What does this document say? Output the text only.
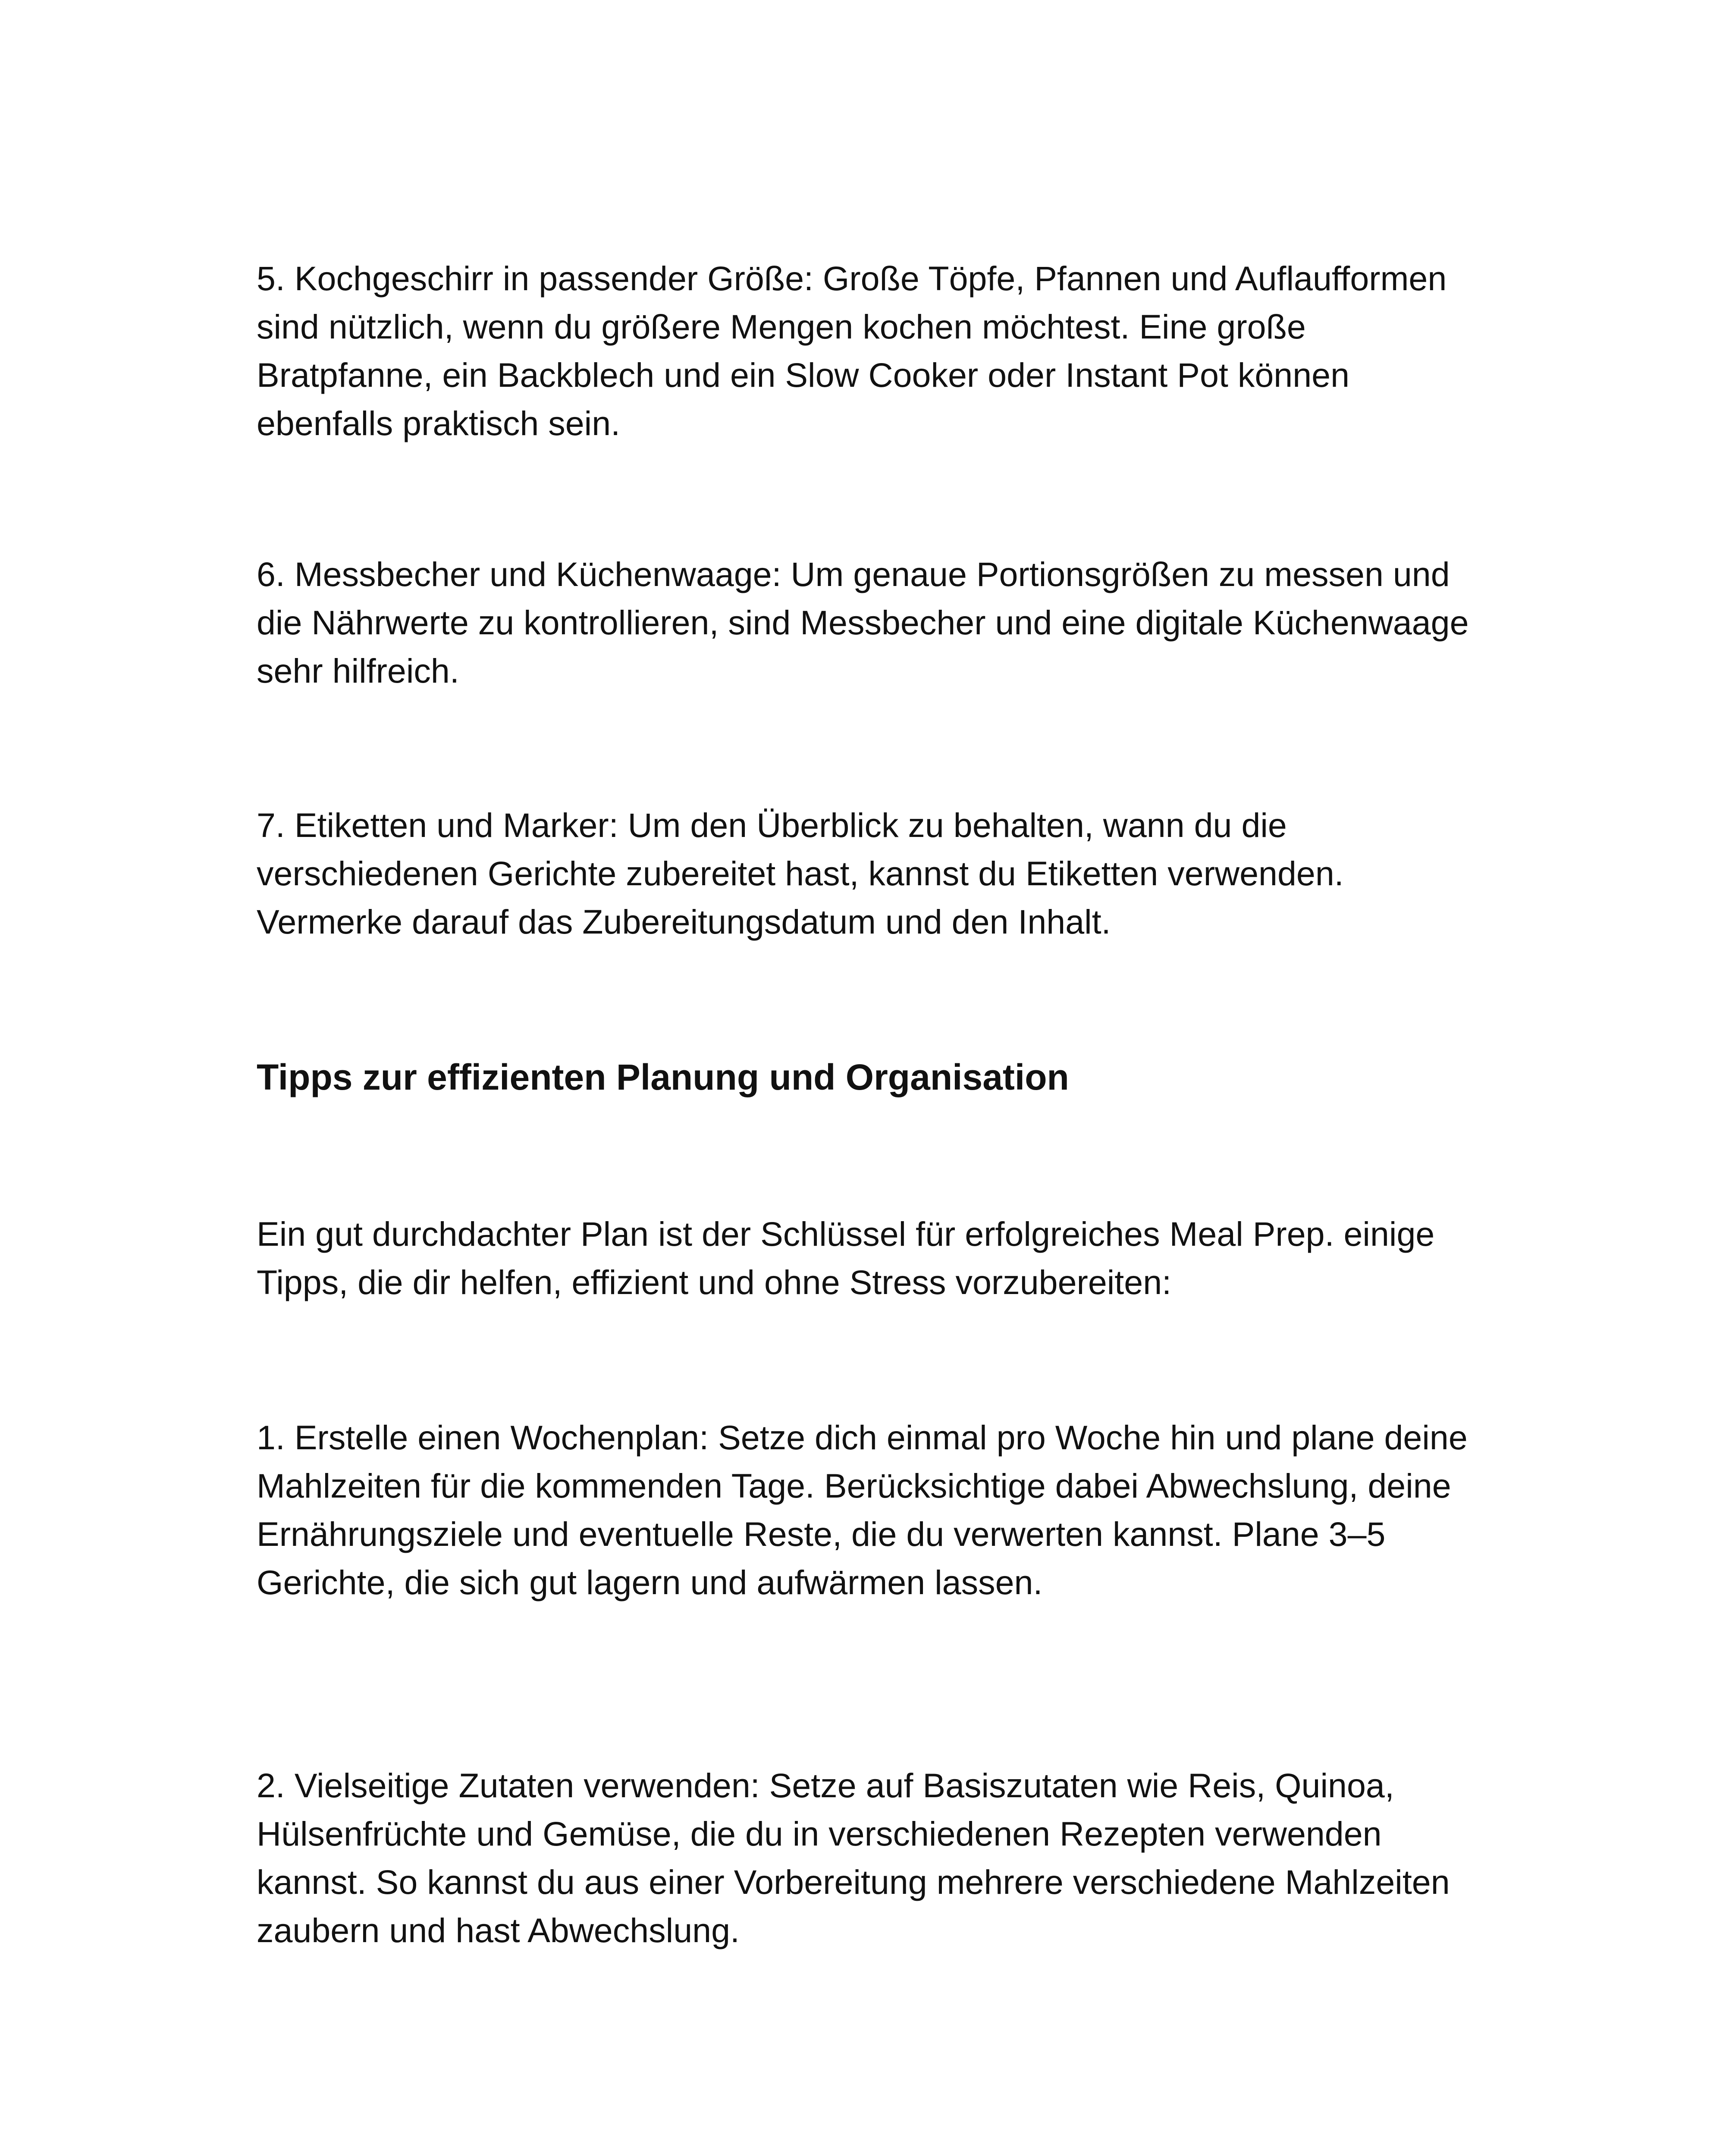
5. Kochgeschirr in passender Größe: Große Töpfe, Pfannen und Auflaufformen sind nützlich, wenn du größere Mengen kochen möchtest. Eine große Bratpfanne, ein Backblech und ein Slow Cooker oder Instant Pot können ebenfalls praktisch sein.

6. Messbecher und Küchenwaage: Um genaue Portionsgrößen zu messen und die Nährwerte zu kontrollieren, sind Messbecher und eine digitale Küchenwaage sehr hilfreich.

7. Etiketten und Marker: Um den Überblick zu behalten, wann du die verschiedenen Gerichte zubereitet hast, kannst du Etiketten verwenden. Vermerke darauf das Zubereitungsdatum und den Inhalt.

Tipps zur effizienten Planung und Organisation

Ein gut durchdachter Plan ist der Schlüssel für erfolgreiches Meal Prep. einige Tipps, die dir helfen, effizient und ohne Stress vorzubereiten:

1. Erstelle einen Wochenplan: Setze dich einmal pro Woche hin und plane deine Mahlzeiten für die kommenden Tage. Berücksichtige dabei Abwechslung, deine Ernährungsziele und eventuelle Reste, die du verwerten kannst. Plane 3–5 Gerichte, die sich gut lagern und aufwärmen lassen.

2. Vielseitige Zutaten verwenden: Setze auf Basiszutaten wie Reis, Quinoa, Hülsenfrüchte und Gemüse, die du in verschiedenen Rezepten verwenden kannst. So kannst du aus einer Vorbereitung mehrere verschiedene Mahlzeiten zaubern und hast Abwechslung.
